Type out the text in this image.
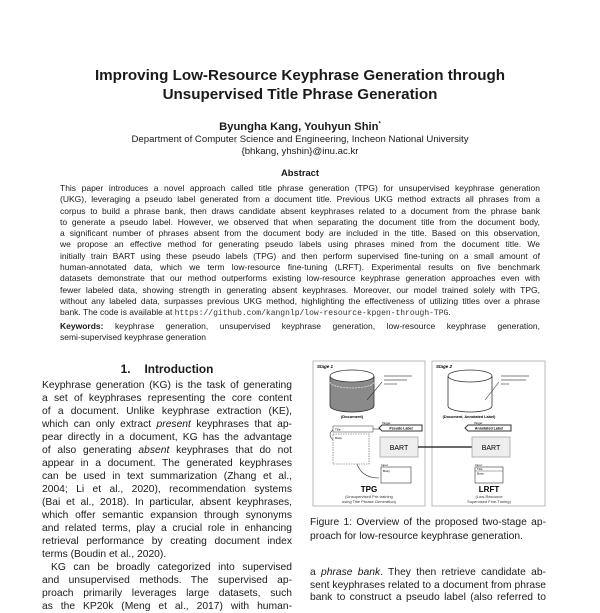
Improving Low-Resource Keyphrase Generation through
Unsupervised Title Phrase Generation
Byungha Kang, Youhyun Shin*
Department of Computer Science and Engineering, Incheon National University
{bhkang, yhshin}@inu.ac.kr
Abstract
This paper introduces a novel approach called title phrase generation (TPG) for unsupervised keyphrase generation
(UKG), leveraging a pseudo label generated from a document title. Previous UKG method extracts all phrases from a
corpus to build a phrase bank, then draws candidate absent keyphrases related to a document from the phrase bank
to generate a pseudo label. However, we observed that when separating the document title from the document body,
a significant number of phrases absent from the document body are included in the title. Based on this observation,
we propose an effective method for generating pseudo labels using phrases mined from the document title. We
initially train BART using these pseudo labels (TPG) and then perform supervised fine-tuning on a small amount of
human-annotated data, which we term low-resource fine-tuning (LRFT). Experimental results on five benchmark
datasets demonstrate that our method outperforms existing low-resource keyphrase generation approaches even with
fewer labeled data, showing strength in generating absent keyphrases. Moreover, our model trained solely with TPG,
without any labeled data, surpasses previous UKG method, highlighting the effectiveness of utilizing titles over a phrase
bank. The code is available at https://github.com/kangnlp/low-resource-kpgen-through-TPG.
Keywords: keyphrase generation, unsupervised keyphrase generation, low-resource keyphrase generation,
semi-supervised keyphrase generation
1. Introduction
Keyphrase generation (KG) is the task of generating
a set of keyphrases representing the core content
of a document. Unlike keyphrase extraction (KE),
which can only extract present keyphrases that ap-
pear directly in a document, KG has the advantage
of also generating absent keyphrases that do not
appear in a document. The generated keyphrases
can be used in text summarization (Zhang et al.,
2004; Li et al., 2020), recommendation systems
(Bai et al., 2018). In particular, absent keyphrases,
which offer semantic expansion through synonyms
and related terms, play a crucial role in enhancing
retrieval performance by creating document index
terms (Boudin et al., 2020).
KG can be broadly categorized into supervised
and unsupervised methods. The supervised ap-
proach primarily leverages large datasets, such
as the KP20k (Meng et al., 2017) with human-
Stage 1	Stage 2
(Document)
Title
Body
Target
Pseudo Label
BART
Input
Body
TPG
(Unsupervised Pre-training
using Title Phrase Generation)
(Document, Annotated Label)
Target
Annotated Label
BART
Input
Title
Body
LRFT
(Low-Resource
Supervised Fine-Tuning)
Figure 1: Overview of the proposed two-stage ap-
proach for low-resource keyphrase generation.
a phrase bank. They then retrieve candidate ab-
sent keyphrases related to a document from phrase
bank to construct a pseudo label (also referred to
